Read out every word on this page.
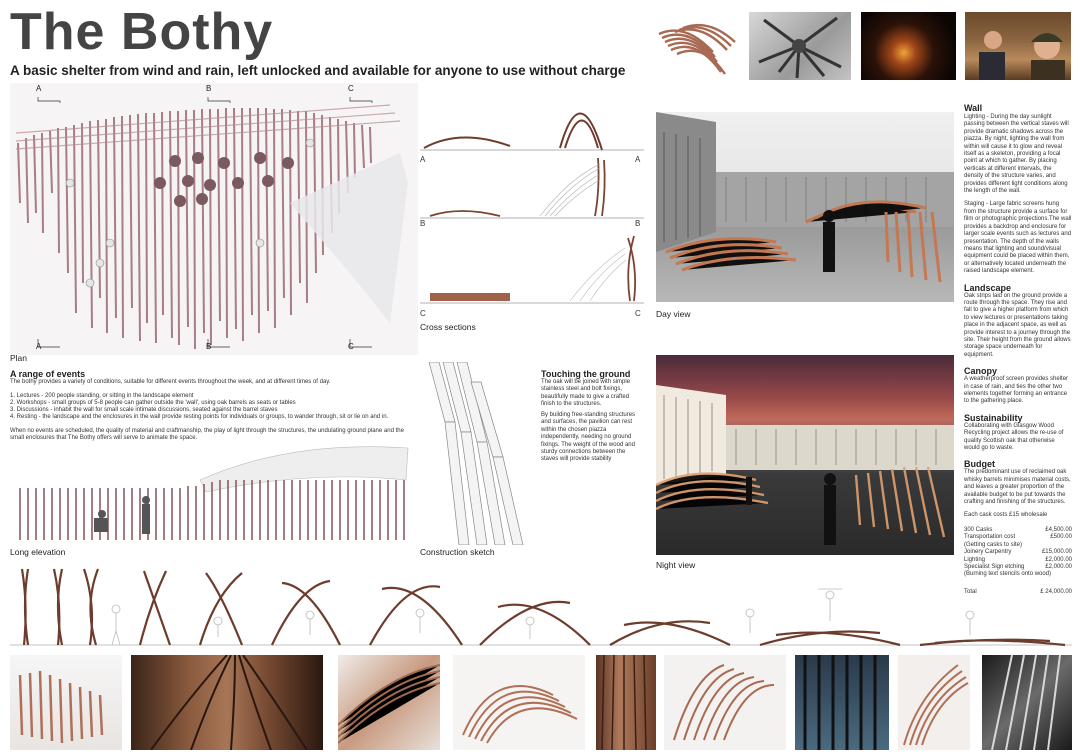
The Bothy
A basic shelter from wind and rain, left unlocked and available for anyone to use without charge
A	B	C
A	B	C
Plan
A	A
B	B
C	C
Cross sections
A range of events
The bothy provides a variety of conditions, suitable for different events throughout the week, and at different times of day.
1. Lectures - 200 people standing, or sitting in the landscape element
2. Workshops - small groups of 5-8 people can gather outside the 'wall', using oak barrels as seats or tables
3. Discussions - inhabit the wall for small scale intimate discussions, seated against the barrel staves
4. Resting - the landscape and the enclosures in the wall provide resting points for individuals or groups, to wander through, sit or lie on and in.
When no events are scheduled, the quality of material and craftmanship, the play of light through the structures, the undulating ground plane and the small enclosures that The Bothy offers will serve to animate the space.
Long elevation	Construction sketch
Touching the ground
The oak will be joined with simple stainless steel and bolt fixings, beautifully made to give a crafted finish to the structures.
By building free-standing structures and surfaces, the pavilion can rest within the chosen piazza independently, needing no ground fixings. The weight of the wood and sturdy connections between the staves will provide stability
Day view
Night view
Wall
Lighting - During the day sunlight passing between the vertical staves will provide dramatic shadows across the piazza. By night, lighting the wall from within will cause it to glow and reveal itself as a skeleton, providing a focal point at which to gather. By placing verticals at different intervals, the density of the structure varies, and provides different light conditions along the length of the wall.
Staging - Large fabric screens hung from the structure provide a surface for film or photographic projections.The wall provides a backdrop and enclosure for larger scale events such as lectures and presentation. The depth of the walls means that lighting and sound/visual equipment could be placed within them, or alternatively located underneath the raised landscape element.
Landscape
Oak strips laid on the ground provide a route through the space. They rise and fall to give a higher platform from which to view lectures or presentations taking place in the adjacent space, as well as provide interest to a journey through the site. Their height from the ground allows storage space underneath for equipment.
Canopy
A weatherproof screen provides shelter in case of rain, and ties the other two elements together forming an entrance to the gathering place.
Sustainability
Collaborating with Glasgow Wood Recycling project allows the re-use of quality Scottish oak that otherwise would go to waste.
Budget
The predominant use of reclaimed oak whisky barrels minimises material costs, and leaves a greater proportion of the available budget to be put towards the crafting and finishing of the structures.
Each cask costs £15 wholesale
300 Casks	£4,500.00
Transportation cost	£500.00
(Getting casks to site)
Joinery Carpentry	£15,000.00
Lighting	£2,000.00
Specialist Sign etching	£2,000.00
(Burning text stencils onto wood)
Total	£ 24,000.00
